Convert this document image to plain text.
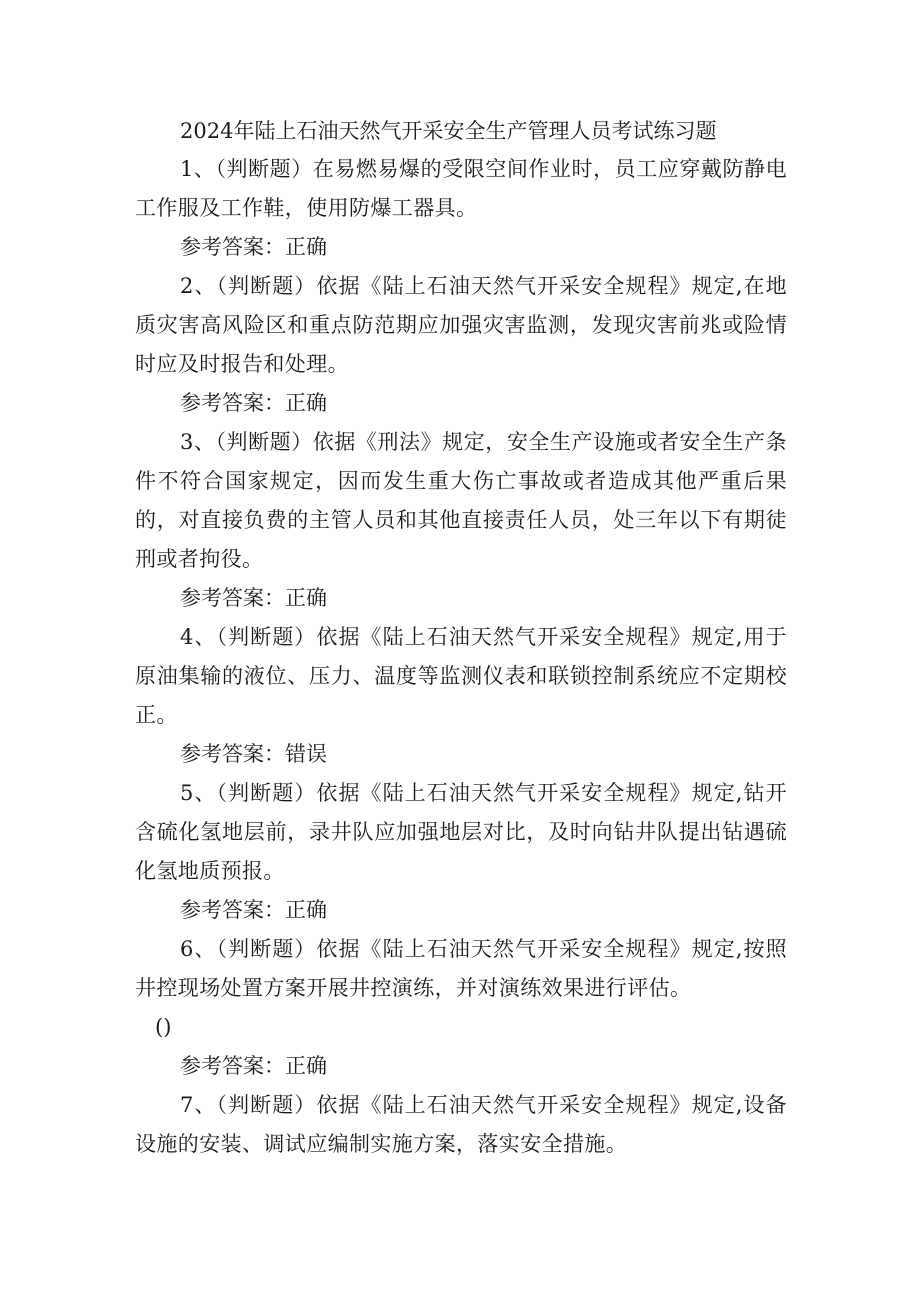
2024年陆上石油天然气开采安全生产管理人员考试练习题

1、（判断题）在易燃易爆的受限空间作业时，员工应穿戴防静电工作服及工作鞋，使用防爆工器具。

参考答案：正确

2、（判断题）依据《陆上石油天然气开采安全规程》规定,在地质灾害高风险区和重点防范期应加强灾害监测，发现灾害前兆或险情时应及时报告和处理。

参考答案：正确

3、（判断题）依据《刑法》规定，安全生产设施或者安全生产条件不符合国家规定，因而发生重大伤亡事故或者造成其他严重后果的，对直接负费的主管人员和其他直接责任人员，处三年以下有期徒刑或者拘役。

参考答案：正确

4、（判断题）依据《陆上石油天然气开采安全规程》规定,用于原油集输的液位、压力、温度等监测仪表和联锁控制系统应不定期校正。

参考答案：错误

5、（判断题）依据《陆上石油天然气开采安全规程》规定,钻开含硫化氢地层前，录井队应加强地层对比，及时向钻井队提出钻遇硫化氢地质预报。

参考答案：正确

6、（判断题）依据《陆上石油天然气开采安全规程》规定,按照井控现场处置方案开展井控演练，并对演练效果进行评估。

()

参考答案：正确

7、（判断题）依据《陆上石油天然气开采安全规程》规定,设备设施的安装、调试应编制实施方案，落实安全措施。
